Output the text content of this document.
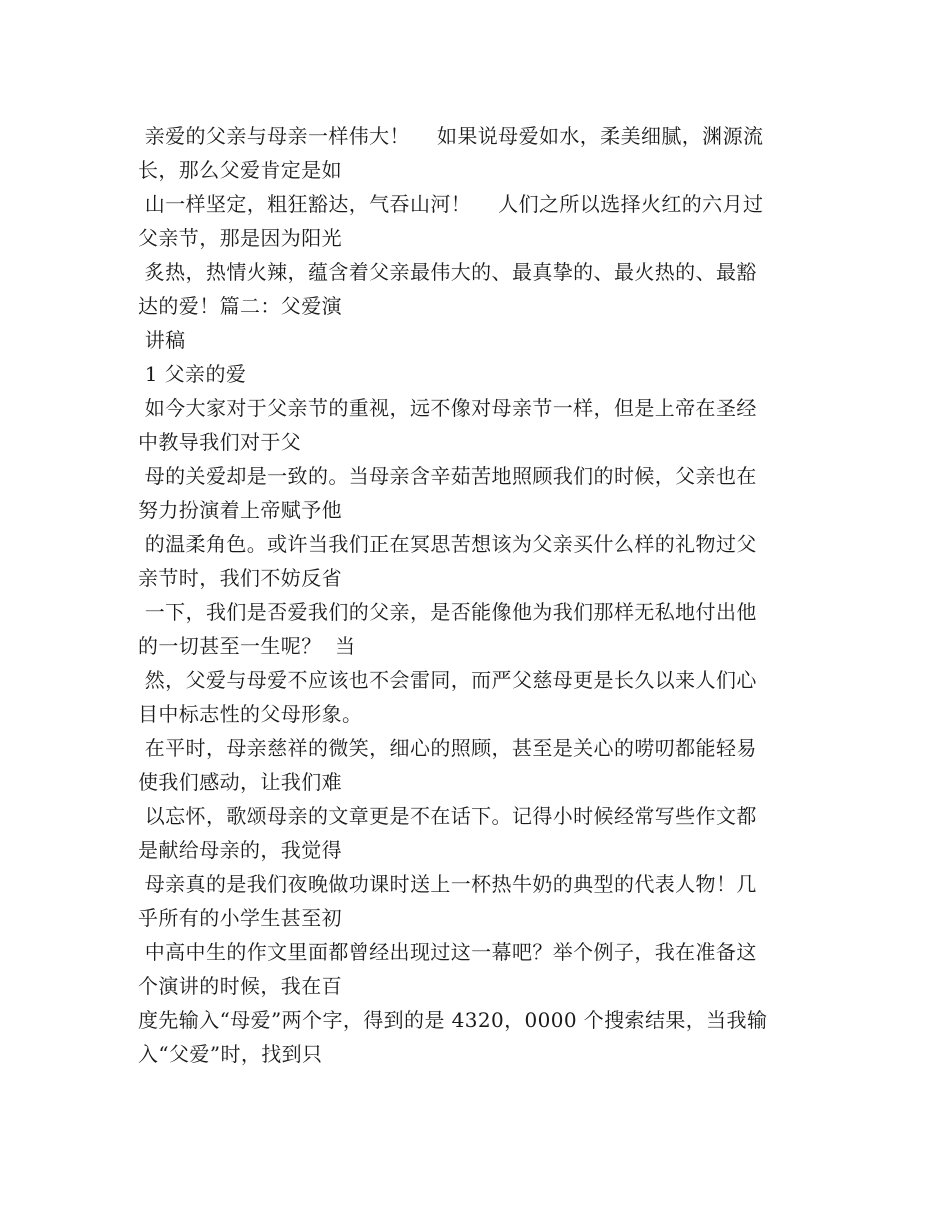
亲爱的父亲与母亲一样伟大！    如果说母爱如水，柔美细腻，渊源流
长，那么父爱肯定是如
山一样坚定，粗狂豁达，气吞山河！    人们之所以选择火红的六月过
父亲节，那是因为阳光
炙热，热情火辣，蕴含着父亲最伟大的、最真挚的、最火热的、最豁
达的爱！篇二：父爱演
讲稿
1 父亲的爱
如今大家对于父亲节的重视，远不像对母亲节一样，但是上帝在圣经
中教导我们对于父
母的关爱却是一致的。当母亲含辛茹苦地照顾我们的时候，父亲也在
努力扮演着上帝赋予他
的温柔角色。或许当我们正在冥思苦想该为父亲买什么样的礼物过父
亲节时，我们不妨反省
一下，我们是否爱我们的父亲，是否能像他为我们那样无私地付出他
的一切甚至一生呢？  当
然，父爱与母爱不应该也不会雷同，而严父慈母更是长久以来人们心
目中标志性的父母形象。
在平时，母亲慈祥的微笑，细心的照顾，甚至是关心的唠叨都能轻易
使我们感动，让我们难
以忘怀，歌颂母亲的文章更是不在话下。记得小时候经常写些作文都
是献给母亲的，我觉得
母亲真的是我们夜晚做功课时送上一杯热牛奶的典型的代表人物！几
乎所有的小学生甚至初
中高中生的作文里面都曾经出现过这一幕吧？举个例子，我在准备这
个演讲的时候，我在百
度先输入“母爱”两个字，得到的是 4320，0000 个搜索结果，当我输
入“父爱”时，找到只
